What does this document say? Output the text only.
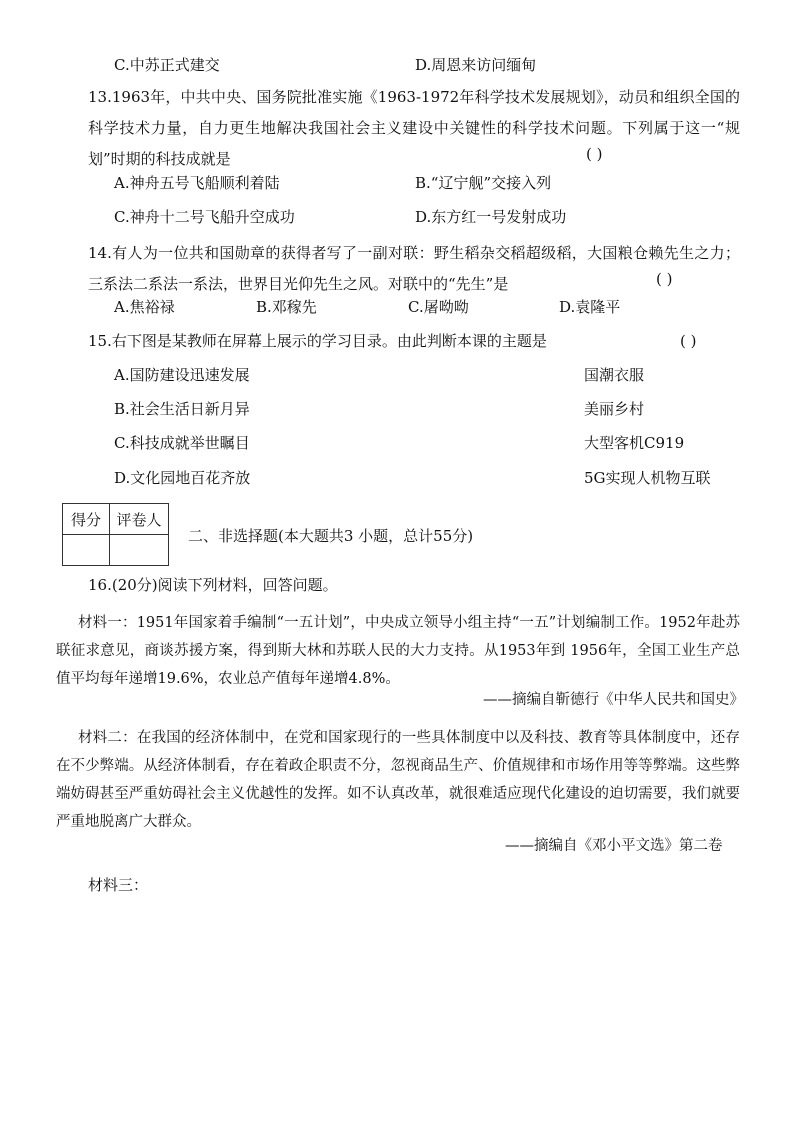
C.中苏正式建交	D.周恩来访问缅甸
13.1963年，中共中央、国务院批准实施《1963-1972年科学技术发展规划》，动员和组织全国的科学技术力量，自力更生地解决我国社会主义建设中关键性的科学技术问题。下列属于这一“规划”时期的科技成就是	( )
A.神舟五号飞船顺利着陆	B.“辽宁舰”交接入列
C.神舟十二号飞船升空成功	D.东方红一号发射成功
14.有人为一位共和国勋章的获得者写了一副对联：野生稻杂交稻超级稻，大国粮仓赖先生之力；三系法二系法一系法，世界目光仰先生之风。对联中的“先生”是	( )
A.焦裕禄	B.邓稼先	C.屠呦呦	D.袁隆平
15.右下图是某教师在屏幕上展示的学习目录。由此判断本课的主题是	( )
A.国防建设迅速发展
B.社会生活日新月异
C.科技成就举世瞩目
D.文化园地百花齐放
国潮衣服
美丽乡村
大型客机C919
5G实现人机物互联
得分	评卷人

二、非选择题(本大题共3 小题，总计55分)
16.(20分)阅读下列材料，回答问题。
材料一：1951年国家着手编制“一五计划”，中央成立领导小组主持“一五”计划编制工作。1952年赴苏联征求意见，商谈苏援方案，得到斯大林和苏联人民的大力支持。从1953年到 1956年，全国工业生产总值平均每年递增19.6%，农业总产值每年递增4.8%。
——摘编自靳德行《中华人民共和国史》
材料二：在我国的经济体制中，在党和国家现行的一些具体制度中以及科技、教育等具体制度中，还存在不少弊端。从经济体制看，存在着政企职责不分，忽视商品生产、价值规律和市场作用等等弊端。这些弊端妨碍甚至严重妨碍社会主义优越性的发挥。如不认真改革，就很难适应现代化建设的迫切需要，我们就要严重地脱离广大群众。
——摘编自《邓小平文选》第二卷
材料三：
